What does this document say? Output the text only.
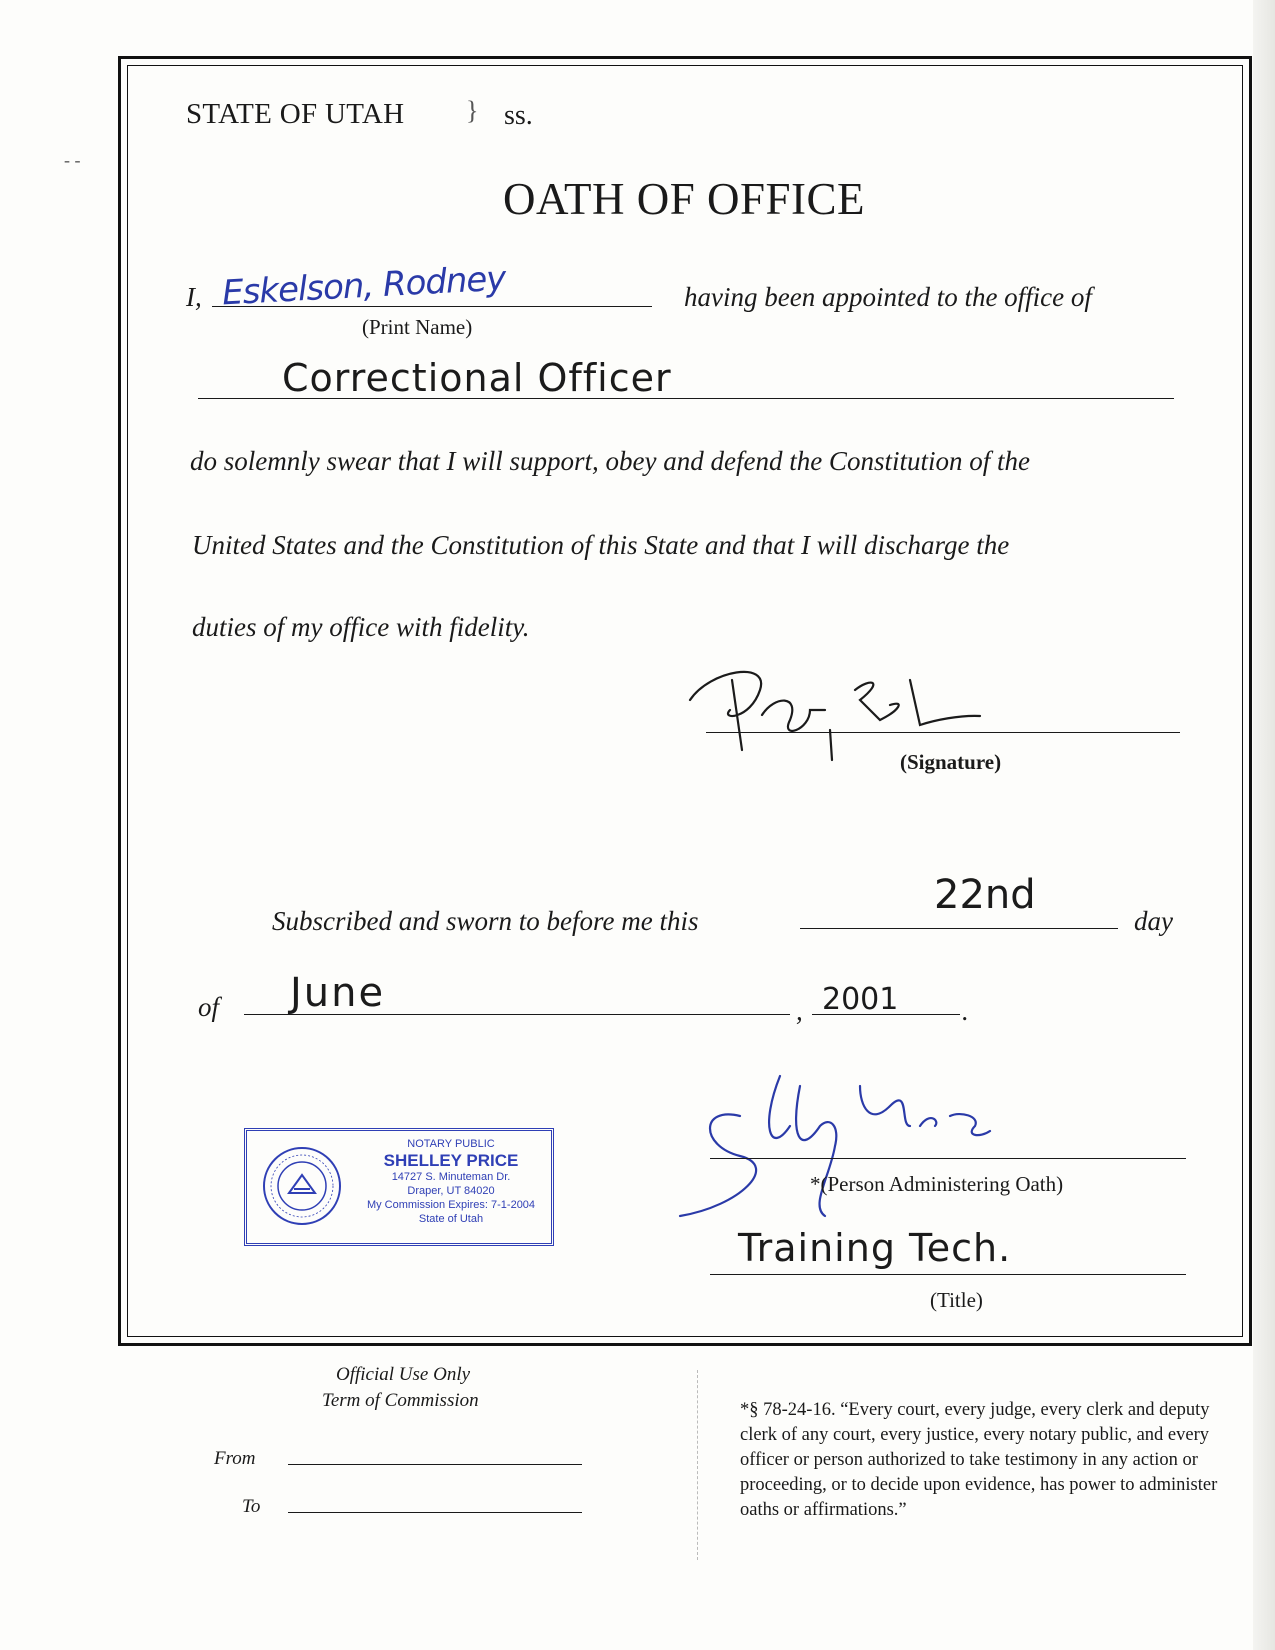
- -
STATE OF UTAH } ss.
OATH OF OFFICE
I, Eskelson, Rodney
(Print Name)
having been appointed to the office of
Correctional Officer
do solemnly swear that I will support, obey and defend the Constitution of the
United States and the Constitution of this State and that I will discharge the
duties of my office with fidelity.
(Signature)
Subscribed and sworn to before me this
22nd
day
of June	, 2001 .
NOTARY PUBLIC
SHELLEY PRICE
14727 S. Minuteman Dr.
Draper, UT 84020
My Commission Expires: 7-1-2004
State of Utah
*(Person Administering Oath)
Training Tech.
(Title)
Official Use Only
Term of Commission
From
To
*§ 78-24-16. “Every court, every judge, every clerk and deputy clerk of any court, every justice, every notary public, and every officer or person authorized to take testimony in any action or proceeding, or to decide upon evidence, has power to administer oaths or affirmations.”
